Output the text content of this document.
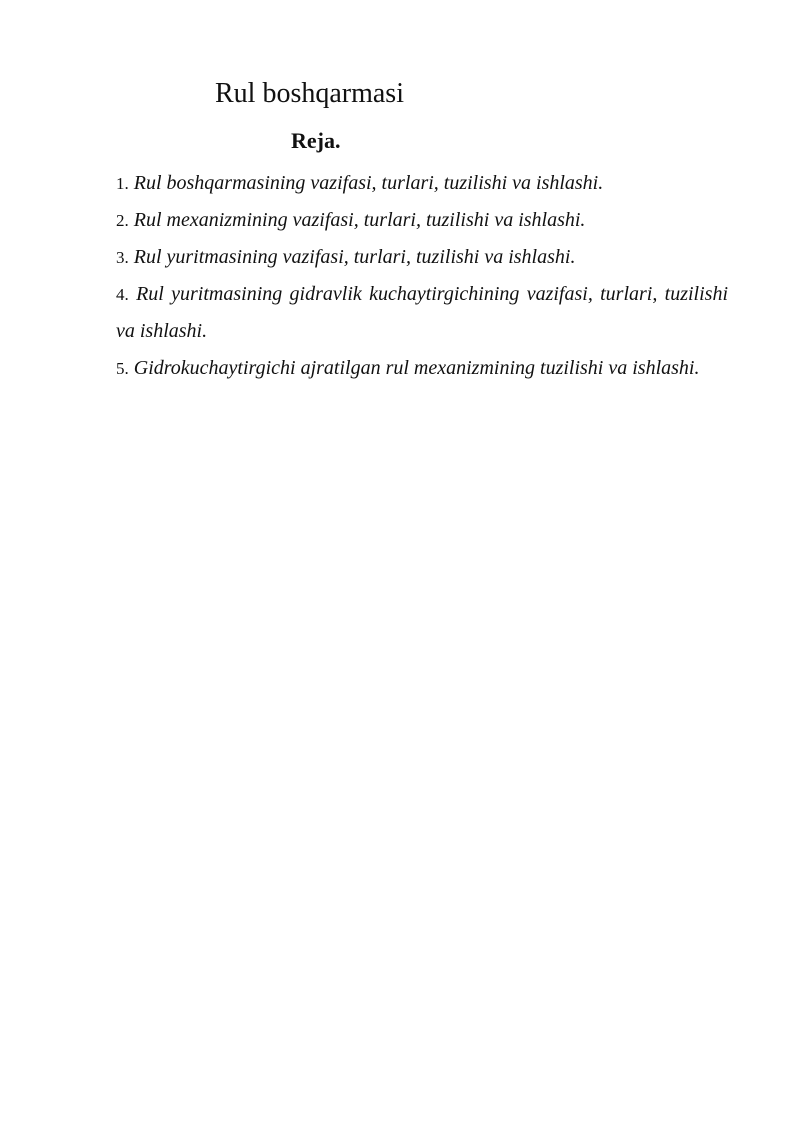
Rul boshqarmasi
Reja.
1. Rul boshqarmasining vazifasi, turlari, tuzilishi va ishlashi.
2. Rul mexanizmining vazifasi, turlari, tuzilishi va ishlashi.
3. Rul yuritmasining vazifasi, turlari, tuzilishi va ishlashi.
4. Rul yuritmasining gidravlik kuchaytirgichining vazifasi, turlari, tuzilishi va ishlashi.
5. Gidrokuchaytirgichi ajratilgan rul mexanizmining tuzilishi va ishlashi.
